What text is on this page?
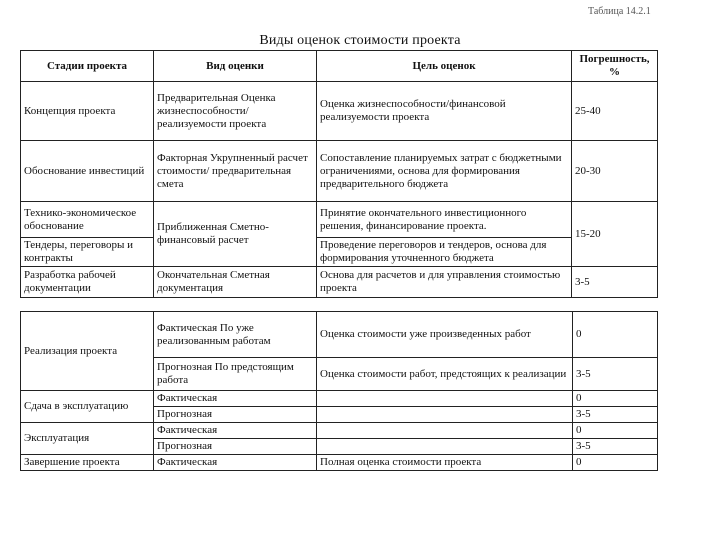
Таблица 14.2.1
Виды оценок стоимости проекта
Стадии проекта	Вид оценки	Цель оценок	Погрешность, %
Концепция проекта	Предварительная Оценка жизнеспособности/ реализуемости проекта	Оценка жизнеспособности/финансовой реализуемости проекта	25-40
Обоснование инвестиций	Факторная Укрупненный расчет стоимости/ предварительная смета	Сопоставление планируемых затрат с бюджетными ограничениями, основа для формирования предварительного бюджета	20-30
Технико-экономическое обоснование	Приближенная Сметно-финансовый расчет	Принятие окончательного инвестиционного решения, финансирование проекта.	15-20
Тендеры, переговоры и контракты		Проведение переговоров и тендеров, основа для формирования уточненного бюджета	
Разработка рабочей документации	Окончательная Сметная документация	Основа для расчетов и для управления стоимостью проекта	3-5
Реализация проекта	Фактическая По уже реализованным работам	Оценка стоимости уже произведенных работ	0
	Прогнозная По предстоящим работа	Оценка стоимости работ, предстоящих к реализации	3-5
Сдача в эксплуатацию	Фактическая		0
	Прогнозная		3-5
Эксплуатация	Фактическая		0
	Прогнозная		3-5
Завершение проекта	Фактическая	Полная оценка стоимости проекта	0
